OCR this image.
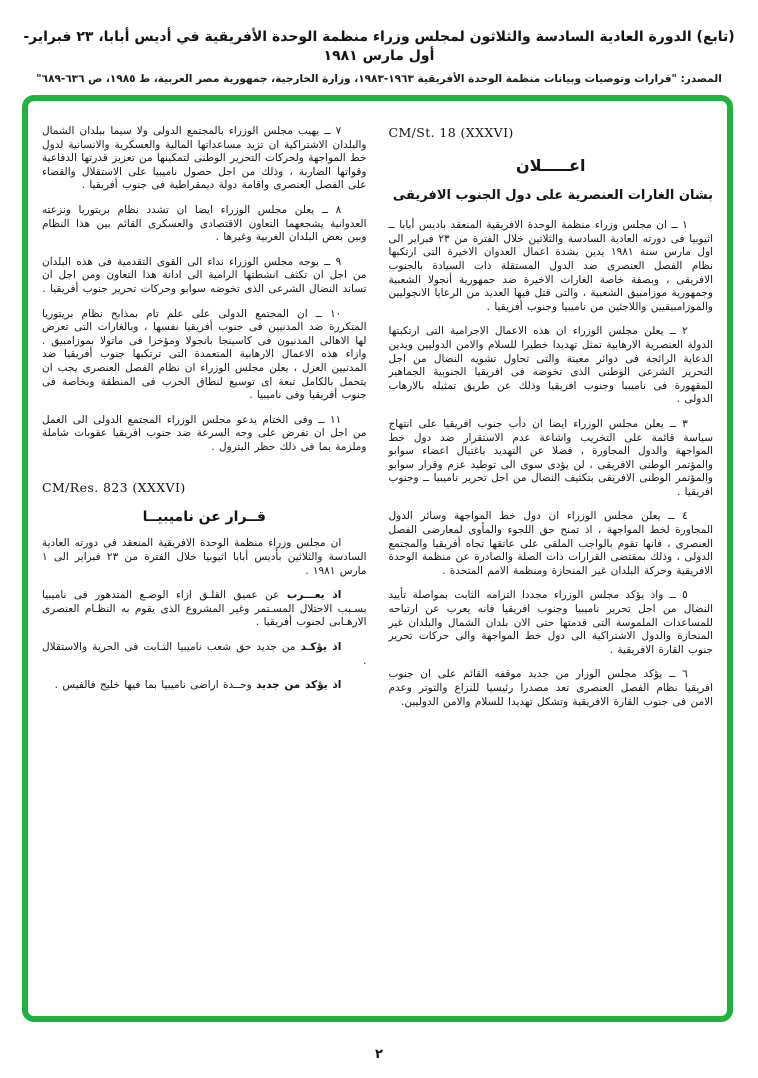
(تابع) الدورة العادية السادسة والثلاثون لمجلس وزراء منظمة الوحدة الأفريقية في أديس أبابا، ٢٣ فبراير- أول مارس ١٩٨١
المصدر: "قرارات وتوصيات وبيانات منظمة الوحدة الأفريقية ١٩٦٣-١٩٨٣، وزارة الخارجية، جمهورية مصر العربية، ط ١٩٨٥، ص ٦٣٦-٦٨٩"
CM/St. 18 (XXXVI)
اعـــــلان
بشان الغارات العنصرية على دول الجنوب الافريقى

١ ــ ان مجلس وزراء منظمة الوحدة الافريقية المنعقد باديس أبابا ــ اثيوبيا فى دورته العادية السادسة والثلاثين خلال الفترة من ٢٣ فبراير الى اول مارس سنة ١٩٨١ يدين بشدة اعمال العدوان الاخيرة التى ارتكبها نظام الفصل العنصرى ضد الدول المستقلة ذات السيادة بالجنوب الافريقى ، وبصفة خاصة الغارات الاخيرة ضد جمهورية أنجولا الشعبية وجمهورية موزامبيق الشعبية ، والتى قتل فيها العديد من الرعايا الانجوليين والموزامبيقيين واللاجئين من ناميبيا وجنوب أفريقيا .

٢ ــ يعلن مجلس الوزراء ان هذه الاعمال الاجرامية التى ارتكبتها الدولة العنصرية الارهابية تمثل تهديدا خطيرا للسلام والامن الدوليين ويدين الدعاية الرائجة فى دوائر معينة والتى تحاول تشويه النضال من اجل التحرير الشرعى الوطنى الذى تخوضه فى افريقيا الجنوبية الجماهير المقهورة فى ناميبيا وجنوب افريقيا وذلك عن طريق تمثيله بالارهاب الدولى .

٣ ــ يعلن مجلس الوزراء ايضا ان دأب جنوب افريقيا على انتهاج سياسة قائمة على التخريب واشاعة عدم الاستقرار ضد دول خط المواجهة والدول المجاورة ، فضلا عن التهديد باغتيال اعضاء سوابو والمؤتمر الوطنى الافريقى ، لن يؤدى سوى الى توطيد عزم وقرار سوابو والمؤتمر الوطنى الافريقى بتكثيف النضال من اجل تحرير ناميبيا ــ وجنوب افريقيا .

٤ ــ يعلن مجلس الوزراء ان دول خط المواجهة وسائر الدول المجاورة لخط المواجهة ، اذ تمنح حق اللجوء والمأوى لمعارضى الفصل العنصرى ، فانها تقوم بالواجب الملقى على عاتقها تجاه أفريقيا والمجتمع الدولى ، وذلك بمقتضى القرارات ذات الصلة والصادرة عن منظمة الوحدة الافريقية وحركة البلدان غير المنحازة ومنظمة الامم المتحدة .

٥ ــ واذ يؤكد مجلس الوزراء مجددا التزامه الثابت بمواصلة تأييد النضال من اجل تحرير ناميبيا وجنوب افريقيا فانه يعرب عن ارتياحه للمساعدات الملموسة التى قدمتها حتى الان بلدان الشمال والبلدان غير المنحازة والدول الاشتراكية الى دول خط المواجهة والى حركات تحرير جنوب القارة الافريقية .

٦ ــ يؤكد مجلس الوزار من جديد موقفه القائم على ان جنوب افريقيا نظام الفصل العنصرى تعد مصدرا رئيسيا للنزاع والتوتر وعدم الامن فى جنوب القارة الافريقية وتشكل تهديدا للسلام والامن الدوليين.

٧ ــ يهيب مجلس الوزراء بالمجتمع الدولى ولا سيما ببلدان الشمال والبلدان الاشتراكية ان تزيد مساعداتها المالية والعسكرية والانسانية لدول خط المواجهة ولحركات التحرير الوطنى لتمكينها من تعزيز قدرتها الدفاعية وقواتها الضاربة ، وذلك من اجل حصول ناميبيا على الاستقلال والقضاء على الفصل العنصرى واقامة دولة ديمقراطية فى جنوب أفريقيا .

٨ ــ يعلن مجلس الوزراء ايضا ان تشدد نظام بريتوريا ونزعته العدوانية يشجعهما التعاون الاقتصادى والعسكرى القائم بين هذا النظام وبين بعض البلدان الغربية وغيرها .

٩ ــ يوجه مجلس الوزراء نداء الى القوى التقدمية فى هذه البلدان من اجل ان تكثف انشطتها الرامية الى ادانة هذا التعاون ومن اجل ان تساند النضال الشرعى الذى تخوضه سوابو وحركات تحرير جنوب أفريقيا .

١٠ ــ ان المجتمع الدولى على علم تام بمذابح نظام بريتوريا المتكررة ضد المدنيين فى جنوب أفريقيا نفسها ، وبالغارات التى تعرض لها الاهالى المدنيون فى كاسينجا بانجولا ومؤخرا فى ماتولا بموزامبيق . وازاء هذه الاعمال الارهابية المتعمدة التى ترتكبها جنوب أفريقيا ضد المدنيين العزل ، يعلن مجلس الوزراء ان نظام الفصل العنصرى يجب ان يتحمل بالكامل تبعة اى توسيع لنطاق الحرب فى المنطقة وبخاصة فى جنوب أفريقيا وفى ناميبيا .

١١ ــ وفى الختام يدعو مجلس الوزراء المجتمع الدولى الى العمل من اجل ان تفرض على وجه السرعة ضد جنوب افريقيا عقوبات شاملة وملزمة بما فى ذلك حظر البترول .

CM/Res. 823 (XXXVI)
قــرار عن ناميبيــا

ان مجلس وزراء منظمة الوحدة الافريقية المنعقد فى دورته العادية السادسة والثلاثين بأديس أبابا اثيوبيا خلال الفترة من ٢٣ فبراير الى ١ مارس ١٩٨١ .

اذ يعـــرب عن عميق القلـق ازاء الوضـع المتدهور فى ناميبيا بسـبب الاحتلال المسـتمر وغير المشروع الذى يقوم به النظـام العنصرى الارهـابى لجنوب أفريقيا .

اذ يؤكـد من جديد حق شعب ناميبيا الثـابت فى الحرية والاستقلال .

اذ يؤكد من جديد وحــدة اراضى ناميبيا بما فيها خليج فالفيس .

٢
